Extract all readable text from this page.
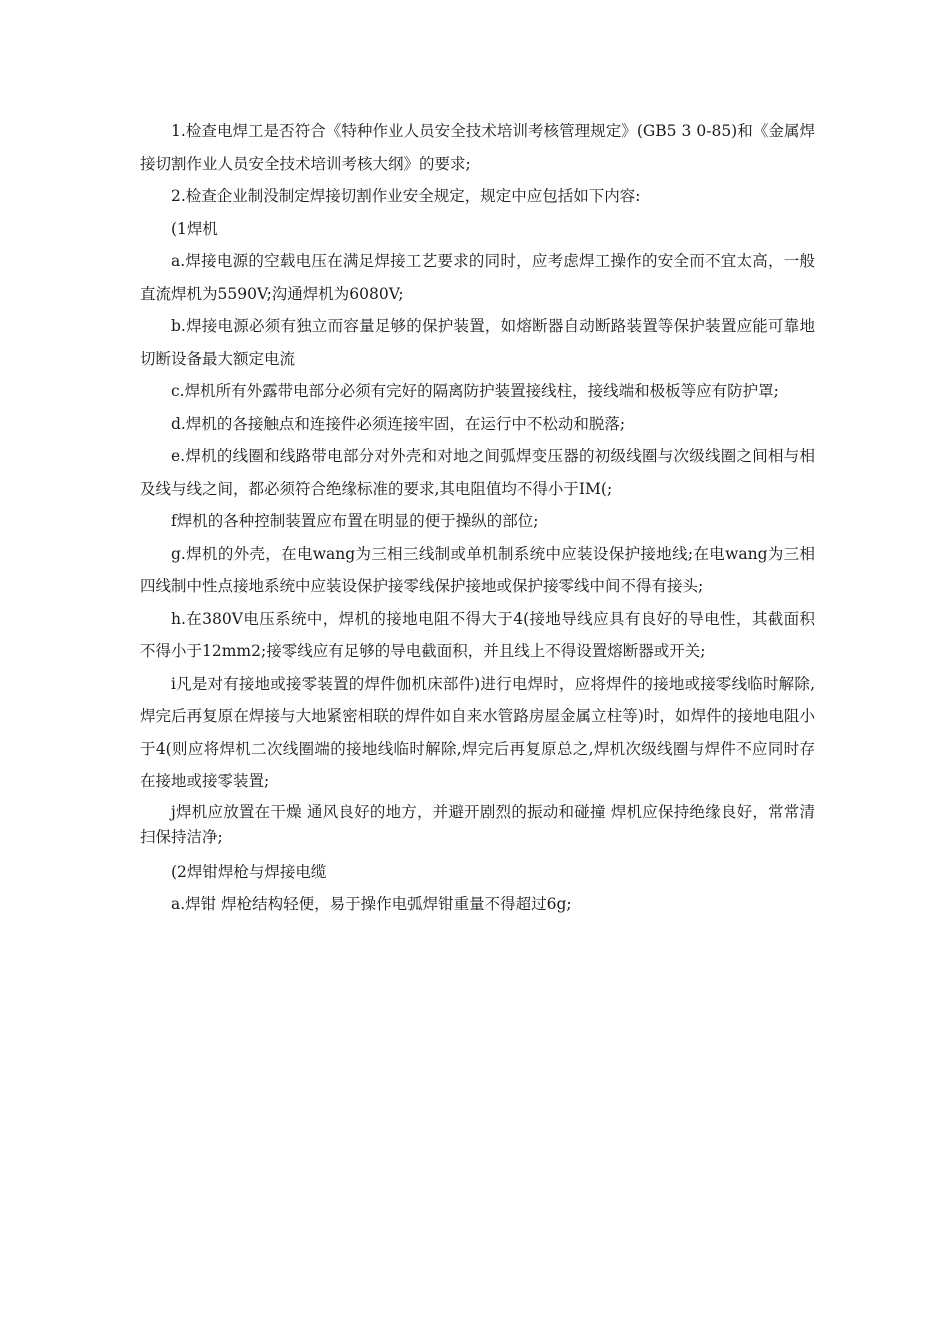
1.检查电焊工是否符合《特种作业人员安全技术培训考核管理规定》(GB5 3 0-85)和《金属焊接切割作业人员安全技术培训考核大纲》的要求;

2.检查企业制没制定焊接切割作业安全规定，规定中应包括如下内容:

(1焊机

a.焊接电源的空载电压在满足焊接工艺要求的同时，应考虑焊工操作的安全而不宜太高，一般直流焊机为5590V;沟通焊机为6080V;

b.焊接电源必须有独立而容量足够的保护装置，如熔断器自动断路装置等保护装置应能可靠地切断设备最大额定电流

c.焊机所有外露带电部分必须有完好的隔离防护装置接线柱，接线端和极板等应有防护罩;

d.焊机的各接触点和连接件必须连接牢固，在运行中不松动和脱落;

e.焊机的线圈和线路带电部分对外壳和对地之间弧焊变压器的初级线圈与次级线圈之间相与相及线与线之间，都必须符合绝缘标准的要求,其电阻值均不得小于IM(;

f焊机的各种控制装置应布置在明显的便于操纵的部位;

g.焊机的外壳，在电wang为三相三线制或单机制系统中应装设保护接地线;在电wang为三相四线制中性点接地系统中应装设保护接零线保护接地或保护接零线中间不得有接头;

h.在380V电压系统中，焊机的接地电阻不得大于4(接地导线应具有良好的导电性，其截面积不得小于12mm2;接零线应有足够的导电截面积，并且线上不得设置熔断器或开关;

i凡是对有接地或接零装置的焊件伽机床部件)进行电焊时，应将焊件的接地或接零线临时解除,焊完后再复原在焊接与大地紧密相联的焊件如自来水管路房屋金属立柱等)时，如焊件的接地电阻小于4(则应将焊机二次线圈端的接地线临时解除,焊完后再复原总之,焊机次级线圈与焊件不应同时存在接地或接零装置;

j焊机应放置在干燥 通风良好的地方，并避开剧烈的振动和碰撞 焊机应保持绝缘良好，常常清扫保持洁净;

(2焊钳焊枪与焊接电缆

a.焊钳 焊枪结构轻便，易于操作电弧焊钳重量不得超过6g;
